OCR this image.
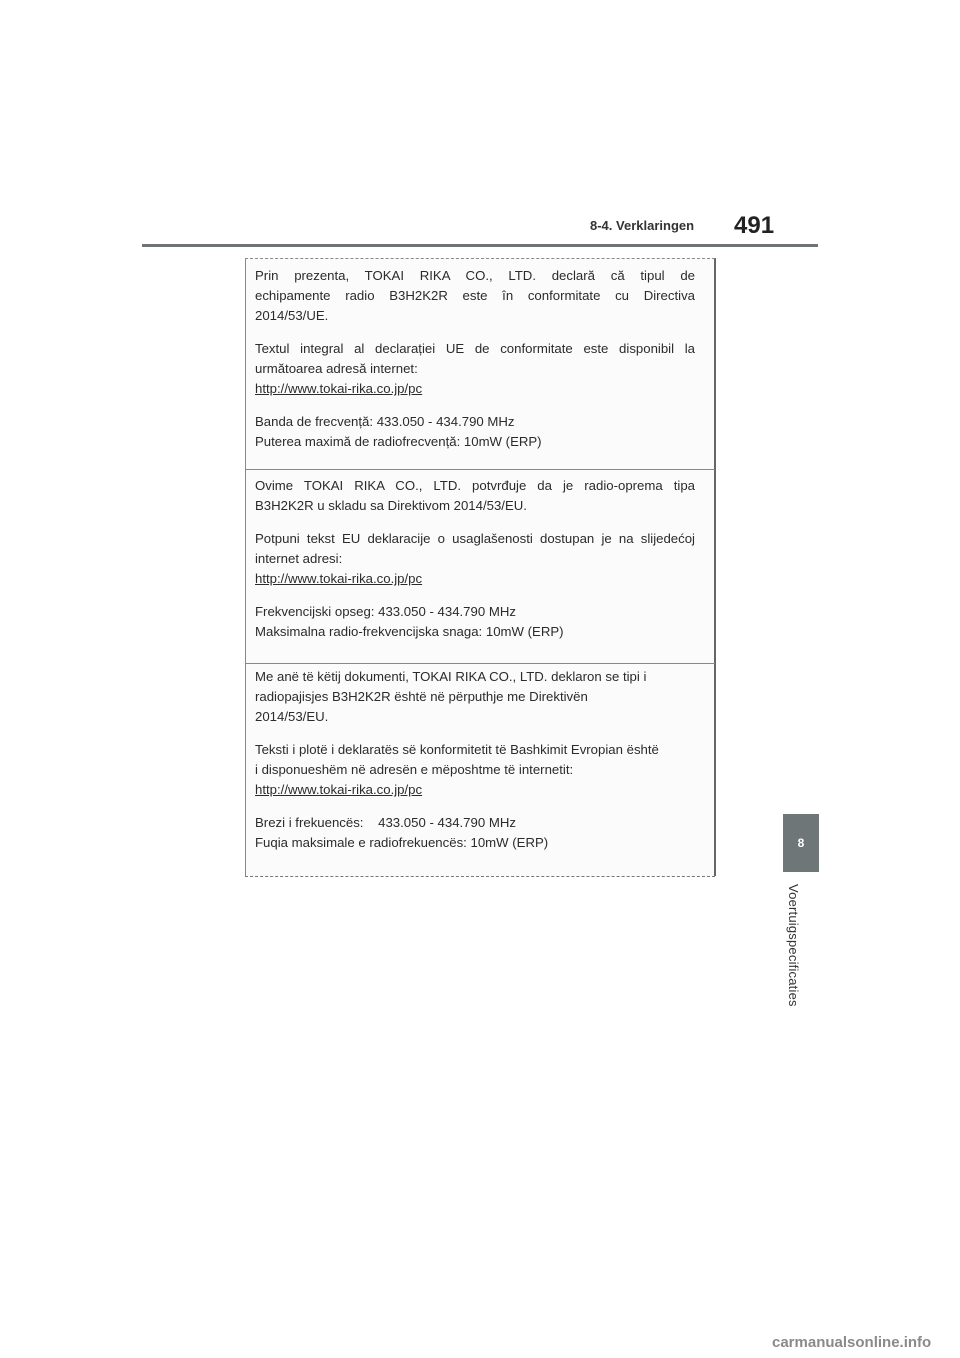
8-4. Verklaringen 491

Prin prezenta, TOKAI RIKA CO., LTD. declară că tipul de
echipamente radio B3H2K2R este în conformitate cu Directiva
2014/53/UE.

Textul integral al declarației UE de conformitate este disponibil la
următoarea adresă internet:
http://www.tokai-rika.co.jp/pc

Banda de frecvență: 433.050 - 434.790 MHz
Puterea maximă de radiofrecvență: 10mW (ERP)

Ovime TOKAI RIKA CO., LTD. potvrđuje da je radio-oprema tipa
B3H2K2R u skladu sa Direktivom 2014/53/EU.

Potpuni tekst EU deklaracije o usaglašenosti dostupan je na slijedećoj
internet adresi:
http://www.tokai-rika.co.jp/pc

Frekvencijski opseg: 433.050 - 434.790 MHz
Maksimalna radio-frekvencijska snaga: 10mW (ERP)

Me anë të këtij dokumenti, TOKAI RIKA CO., LTD. deklaron se tipi i
radiopajisjes B3H2K2R është në përputhje me Direktivën
2014/53/EU.

Teksti i plotë i deklaratës së konformitetit të Bashkimit Evropian është
i disponueshëm në adresën e mëposhtme të internetit:
http://www.tokai-rika.co.jp/pc

Brezi i frekuencës:    433.050 - 434.790 MHz
Fuqia maksimale e radiofrekuencës: 10mW (ERP)	8
Voertuigspecificaties
carmanualsonline.info
